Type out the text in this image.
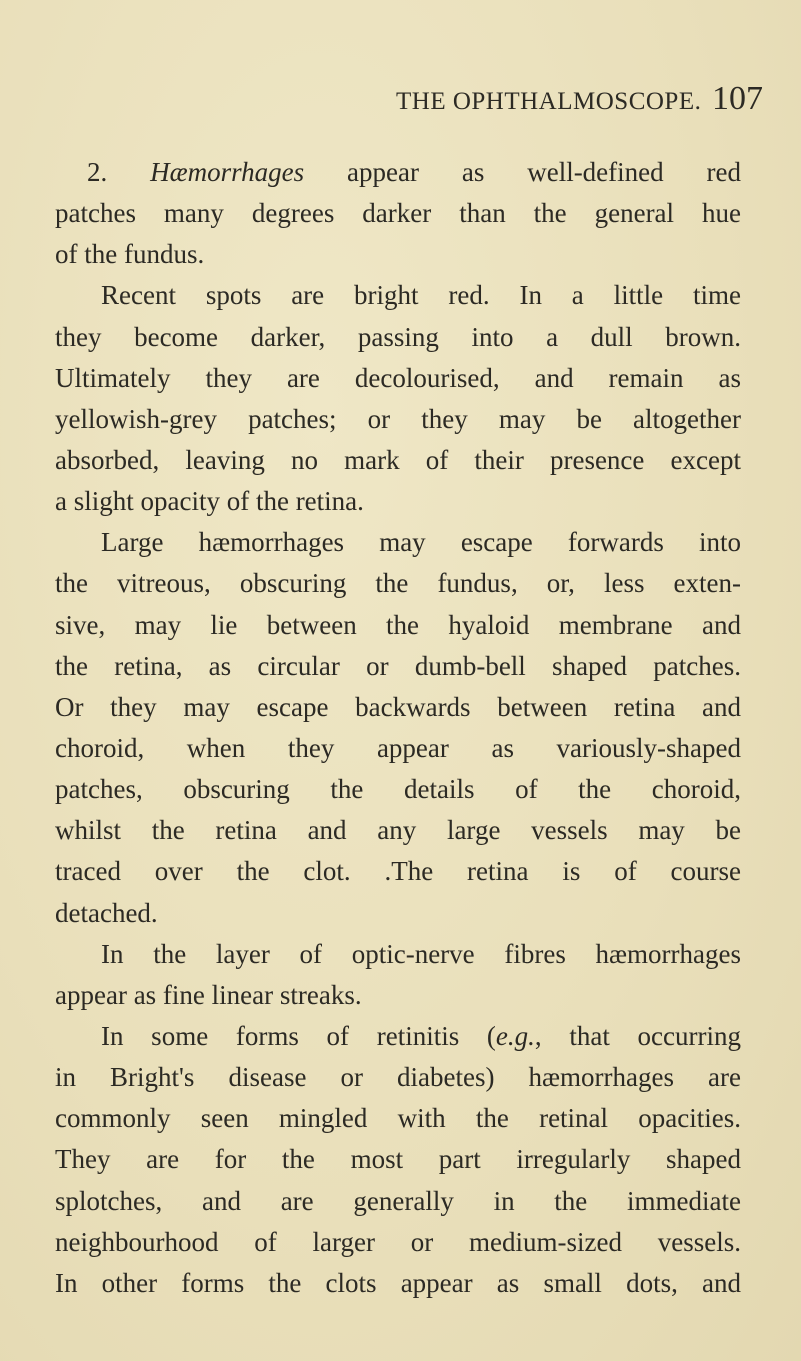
THE OPHTHALMOSCOPE. 107
2. Hæmorrhages appear as well-defined red
patches many degrees darker than the general hue
of the fundus.
Recent spots are bright red. In a little time
they become darker, passing into a dull brown.
Ultimately they are decolourised, and remain as
yellowish-grey patches; or they may be altogether
absorbed, leaving no mark of their presence except
a slight opacity of the retina.
Large hæmorrhages may escape forwards into
the vitreous, obscuring the fundus, or, less exten-
sive, may lie between the hyaloid membrane and
the retina, as circular or dumb-bell shaped patches.
Or they may escape backwards between retina and
choroid, when they appear as variously-shaped
patches, obscuring the details of the choroid,
whilst the retina and any large vessels may be
traced over the clot. .The retina is of course
detached.
In the layer of optic-nerve fibres hæmorrhages
appear as fine linear streaks.
In some forms of retinitis (e.g., that occurring
in Bright's disease or diabetes) hæmorrhages are
commonly seen mingled with the retinal opacities.
They are for the most part irregularly shaped
splotches, and are generally in the immediate
neighbourhood of larger or medium-sized vessels.
In other forms the clots appear as small dots, and
